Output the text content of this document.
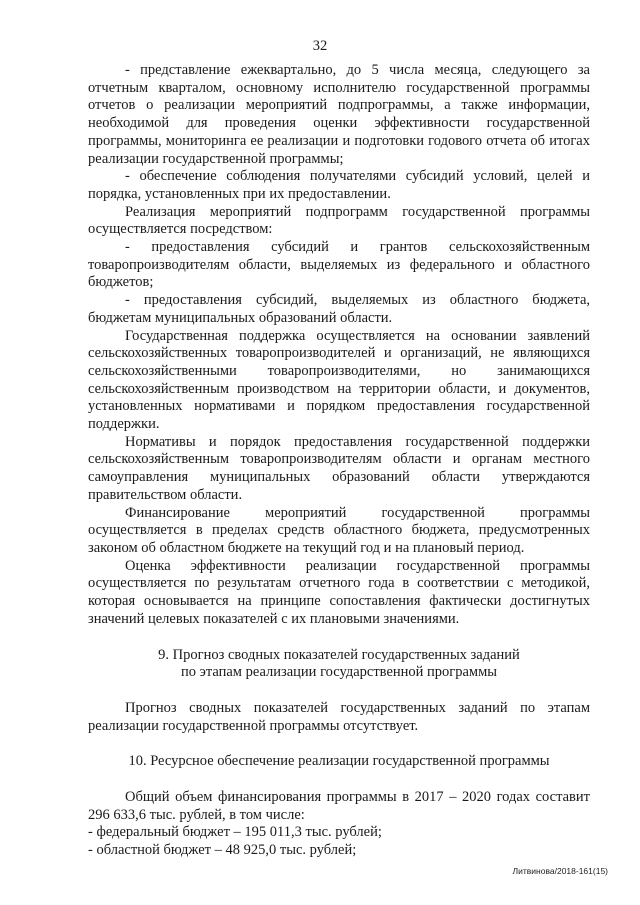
32

- представление ежеквартально, до 5 числа месяца, следующего за отчетным кварталом, основному исполнителю государственной программы отчетов о реализации мероприятий подпрограммы, а также информации, необходимой для проведения оценки эффективности государственной программы, мониторинга ее реализации и подготовки годового отчета об итогах реализации государственной программы;

- обеспечение соблюдения получателями субсидий условий, целей и порядка, установленных при их предоставлении.

Реализация мероприятий подпрограмм государственной программы осуществляется посредством:

- предоставления субсидий и грантов сельскохозяйственным товаропроизводителям области, выделяемых из федерального и областного бюджетов;

- предоставления субсидий, выделяемых из областного бюджета, бюджетам муниципальных образований области.

Государственная поддержка осуществляется на основании заявлений сельскохозяйственных товаропроизводителей и организаций, не являющихся сельскохозяйственными товаропроизводителями, но занимающихся сельскохозяйственным производством на территории области, и документов, установленных нормативами и порядком предоставления государственной поддержки.

Нормативы и порядок предоставления государственной поддержки сельскохозяйственным товаропроизводителям области и органам местного самоуправления муниципальных образований области утверждаются правительством области.

Финансирование мероприятий государственной программы осуществляется в пределах средств областного бюджета, предусмотренных законом об областном бюджете на текущий год и на плановый период.

Оценка эффективности реализации государственной программы осуществляется по результатам отчетного года в соответствии с методикой, которая основывается на принципе сопоставления фактически достигнутых значений целевых показателей с их плановыми значениями.

9. Прогноз сводных показателей государственных заданий
по этапам реализации государственной программы

Прогноз сводных показателей государственных заданий по этапам реализации государственной программы отсутствует.

10. Ресурсное обеспечение реализации государственной программы

Общий объем финансирования программы в 2017 – 2020 годах составит 296 633,6 тыс. рублей, в том числе:

- федеральный бюджет – 195 011,3 тыс. рублей;

- областной бюджет – 48 925,0 тыс. рублей;

Литвинова/2018-161(15)
